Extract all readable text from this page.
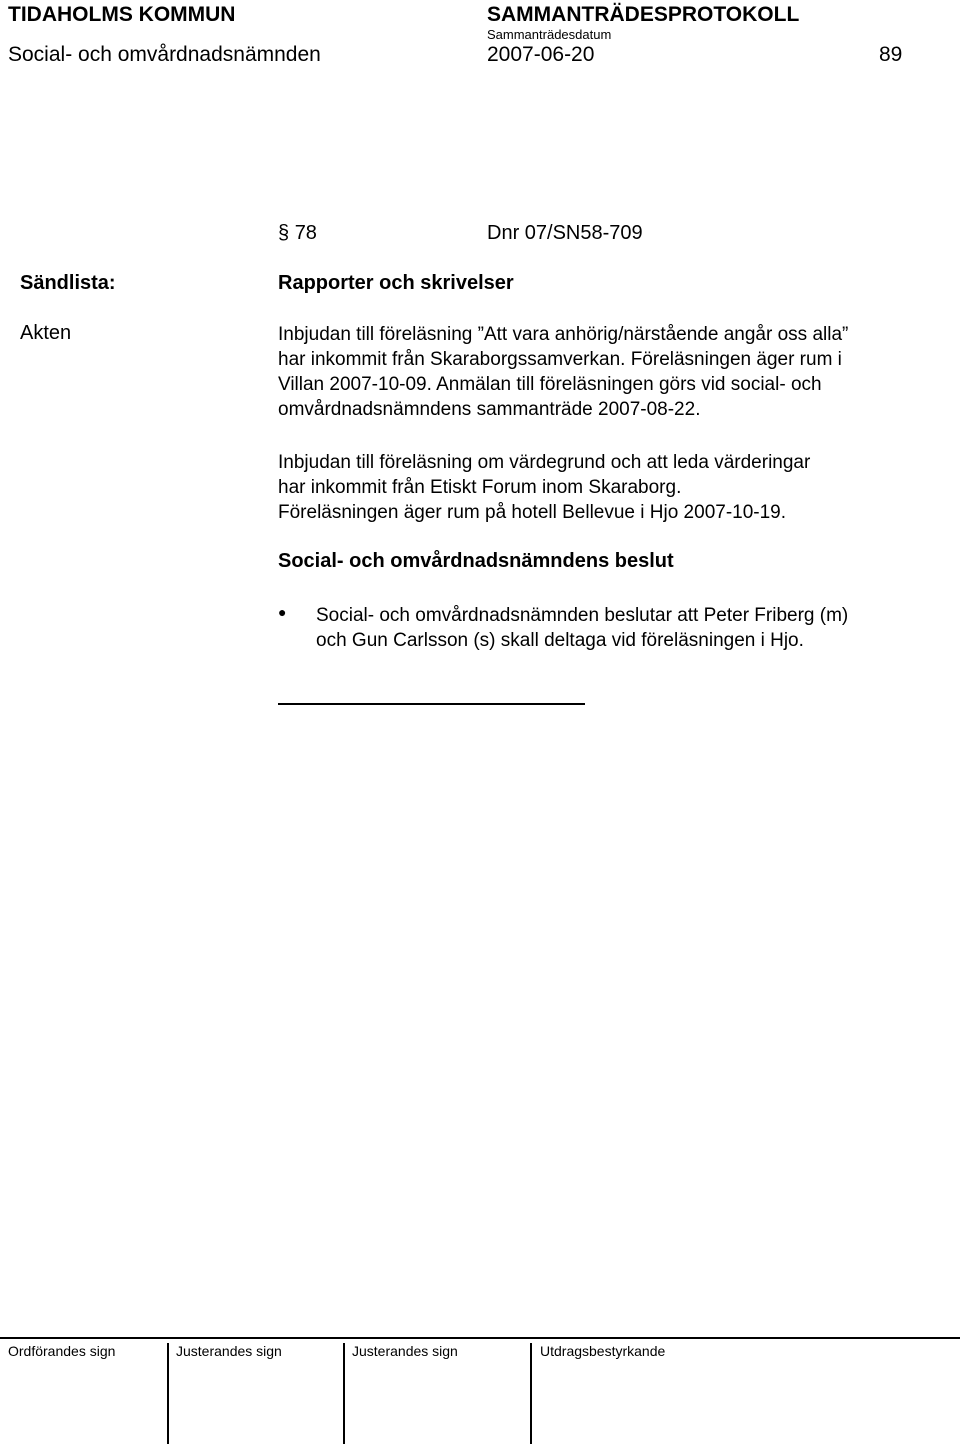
TIDAHOLMS KOMMUN	SAMMANTRÄDESPROTOKOLL
Sammanträdesdatum
Social- och omvårdnadsnämnden	2007-06-20	89
§ 78	Dnr 07/SN58-709
Sändlista:	Rapporter och skrivelser
Akten	Inbjudan till föreläsning ”Att vara anhörig/närstående angår oss alla”
har inkommit från Skaraborgssamverkan. Föreläsningen äger rum i
Villan 2007-10-09. Anmälan till föreläsningen görs vid social- och
omvårdnadsnämndens sammanträde 2007-08-22.
Inbjudan till föreläsning om värdegrund och att leda värderingar
har inkommit från Etiskt Forum inom Skaraborg.
Föreläsningen äger rum på hotell Bellevue i Hjo 2007-10-19.
Social- och omvårdnadsnämndens beslut
● Social- och omvårdnadsnämnden beslutar att Peter Friberg (m)
och Gun Carlsson (s) skall deltaga vid föreläsningen i Hjo.
Ordförandes sign	Justerandes sign	Justerandes sign	Utdragsbestyrkande
